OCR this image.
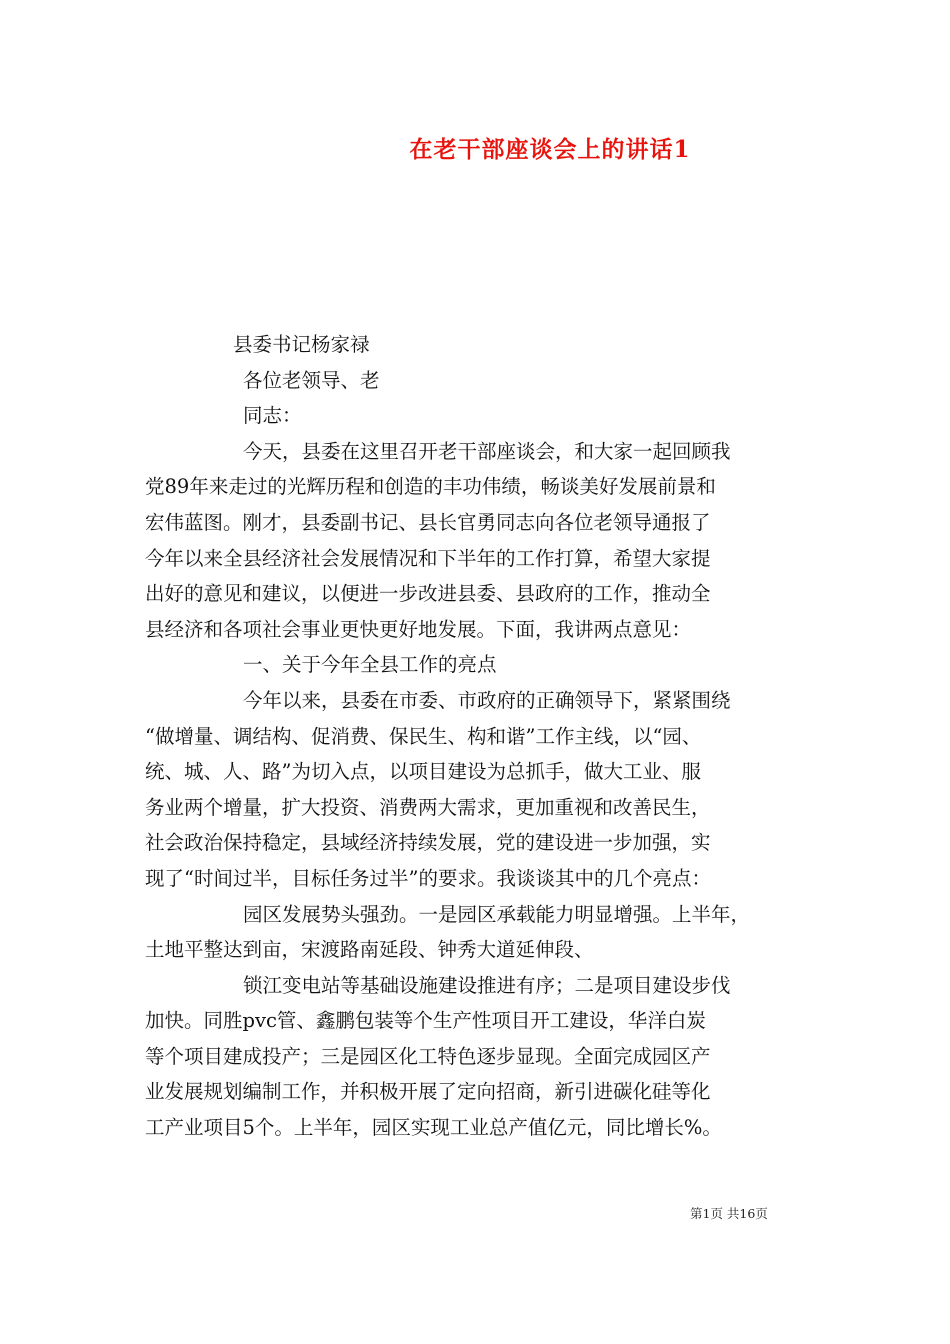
在老干部座谈会上的讲话1
县委书记杨家禄
各位老领导、老
同志：
今天，县委在这里召开老干部座谈会，和大家一起回顾我
党89年来走过的光辉历程和创造的丰功伟绩，畅谈美好发展前景和
宏伟蓝图。刚才，县委副书记、县长官勇同志向各位老领导通报了
今年以来全县经济社会发展情况和下半年的工作打算，希望大家提
出好的意见和建议，以便进一步改进县委、县政府的工作，推动全
县经济和各项社会事业更快更好地发展。下面，我讲两点意见：
一、关于今年全县工作的亮点
今年以来，县委在市委、市政府的正确领导下，紧紧围绕
“做增量、调结构、促消费、保民生、构和谐”工作主线，以“园、
统、城、人、路”为切入点，以项目建设为总抓手，做大工业、服
务业两个增量，扩大投资、消费两大需求，更加重视和改善民生，
社会政治保持稳定，县域经济持续发展，党的建设进一步加强，实
现了“时间过半，目标任务过半”的要求。我谈谈其中的几个亮点：
园区发展势头强劲。一是园区承载能力明显增强。上半年，
土地平整达到亩，宋渡路南延段、钟秀大道延伸段、
锁江变电站等基础设施建设推进有序；二是项目建设步伐
加快。同胜pvc管、鑫鹏包装等个生产性项目开工建设，华洋白炭
等个项目建成投产；三是园区化工特色逐步显现。全面完成园区产
业发展规划编制工作，并积极开展了定向招商，新引进碳化硅等化
工产业项目5个。上半年，园区实现工业总产值亿元，同比增长%。
第1页 共16页
